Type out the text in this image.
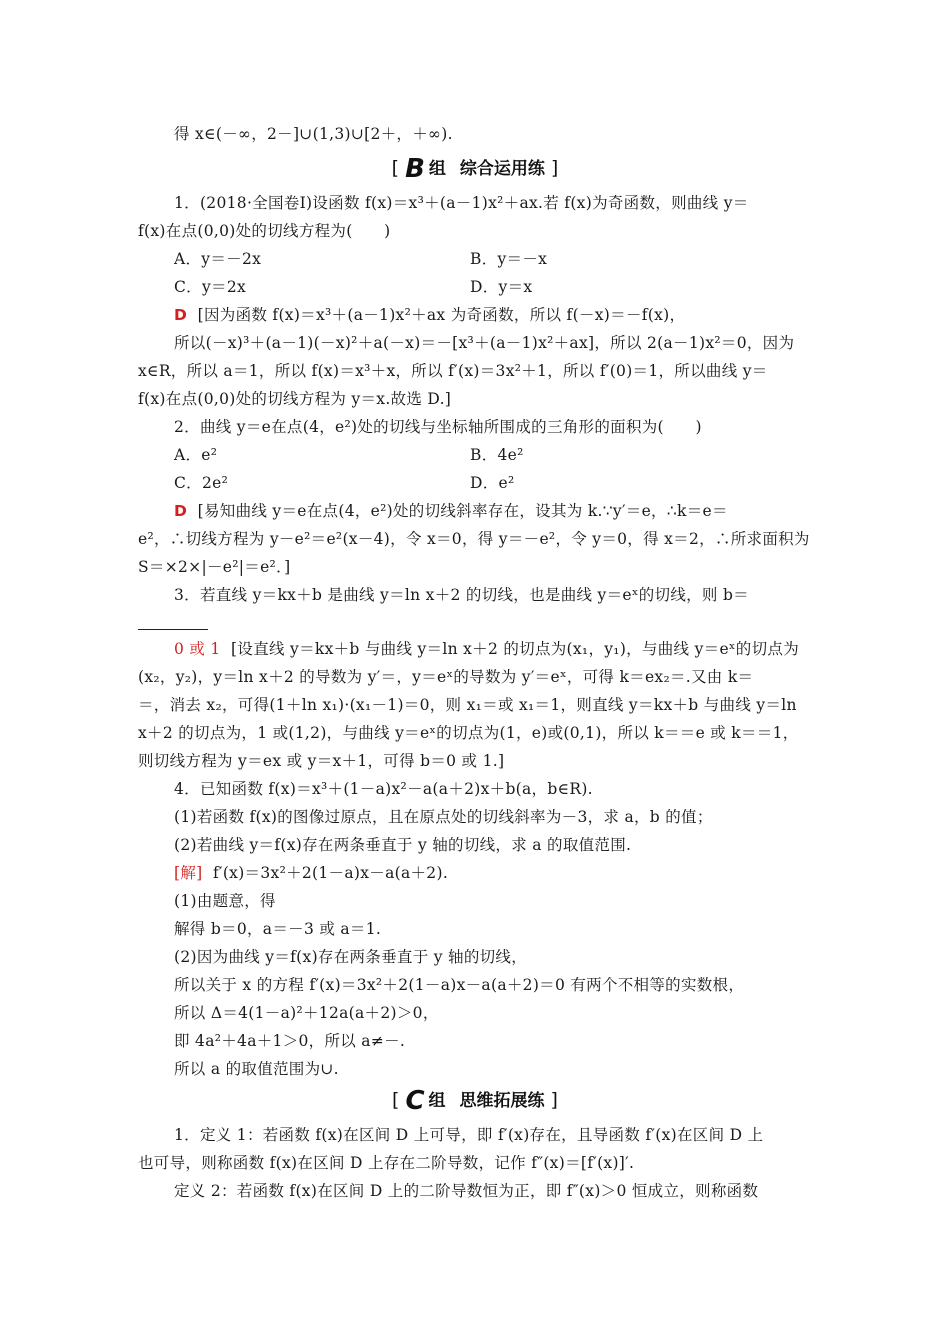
得 x∈(－∞，2－]∪(1,3)∪[2＋，＋∞).
[ B 组 综合运用练 ]
1．(2018·全国卷Ⅰ)设函数 f(x)＝x³＋(a－1)x²＋ax.若 f(x)为奇函数，则曲线 y＝
f(x)在点(0,0)处的切线方程为(　　)
A．y＝－2x	B．y＝－x
C．y＝2x	D．y＝x
D [因为函数 f(x)＝x³＋(a－1)x²＋ax 为奇函数，所以 f(－x)＝－f(x)，
所以(－x)³＋(a－1)(－x)²＋a(－x)＝－[x³＋(a－1)x²＋ax]，所以 2(a－1)x²＝0，因为
x∈R，所以 a＝1，所以 f(x)＝x³＋x，所以 f′(x)＝3x²＋1，所以 f′(0)＝1，所以曲线 y＝
f(x)在点(0,0)处的切线方程为 y＝x.故选 D.]
2．曲线 y＝e在点(4，e²)处的切线与坐标轴所围成的三角形的面积为(　　)
A．e²	B．4e²
C．2e²	D．e²
D [易知曲线 y＝e在点(4，e²)处的切线斜率存在，设其为 k.∵y′＝e，∴k＝e＝
e²，∴切线方程为 y－e²＝e²(x－4)，令 x＝0，得 y＝－e²，令 y＝0，得 x＝2，∴所求面积为
S＝×2×|－e²|＝e²．]
3．若直线 y＝kx＋b 是曲线 y＝ln x＋2 的切线，也是曲线 y＝eˣ的切线，则 b＝
0 或 1 [设直线 y＝kx＋b 与曲线 y＝ln x＋2 的切点为(x₁，y₁)，与曲线 y＝eˣ的切点为
(x₂，y₂)，y＝ln x＋2 的导数为 y′＝，y＝eˣ的导数为 y′＝eˣ，可得 k＝ex₂＝.又由 k＝
＝，消去 x₂，可得(1＋ln x₁)·(x₁－1)＝0，则 x₁＝或 x₁＝1，则直线 y＝kx＋b 与曲线 y＝ln
x＋2 的切点为，1 或(1,2)，与曲线 y＝eˣ的切点为(1，e)或(0,1)，所以 k＝＝e 或 k＝＝1，
则切线方程为 y＝ex 或 y＝x＋1，可得 b＝0 或 1.]
4．已知函数 f(x)＝x³＋(1－a)x²－a(a＋2)x＋b(a，b∈R).
(1)若函数 f(x)的图像过原点，且在原点处的切线斜率为－3，求 a，b 的值；
(2)若曲线 y＝f(x)存在两条垂直于 y 轴的切线，求 a 的取值范围.
[解] f′(x)＝3x²＋2(1－a)x－a(a＋2).
(1)由题意，得
解得 b＝0，a＝－3 或 a＝1.
(2)因为曲线 y＝f(x)存在两条垂直于 y 轴的切线，
所以关于 x 的方程 f′(x)＝3x²＋2(1－a)x－a(a＋2)＝0 有两个不相等的实数根，
所以 Δ＝4(1－a)²＋12a(a＋2)＞0，
即 4a²＋4a＋1＞0，所以 a≠－.
所以 a 的取值范围为∪.
[ C 组 思维拓展练 ]
1．定义 1：若函数 f(x)在区间 D 上可导，即 f′(x)存在，且导函数 f′(x)在区间 D 上
也可导，则称函数 f(x)在区间 D 上存在二阶导数，记作 f″(x)＝[f′(x)]′.
定义 2：若函数 f(x)在区间 D 上的二阶导数恒为正，即 f″(x)＞0 恒成立，则称函数
